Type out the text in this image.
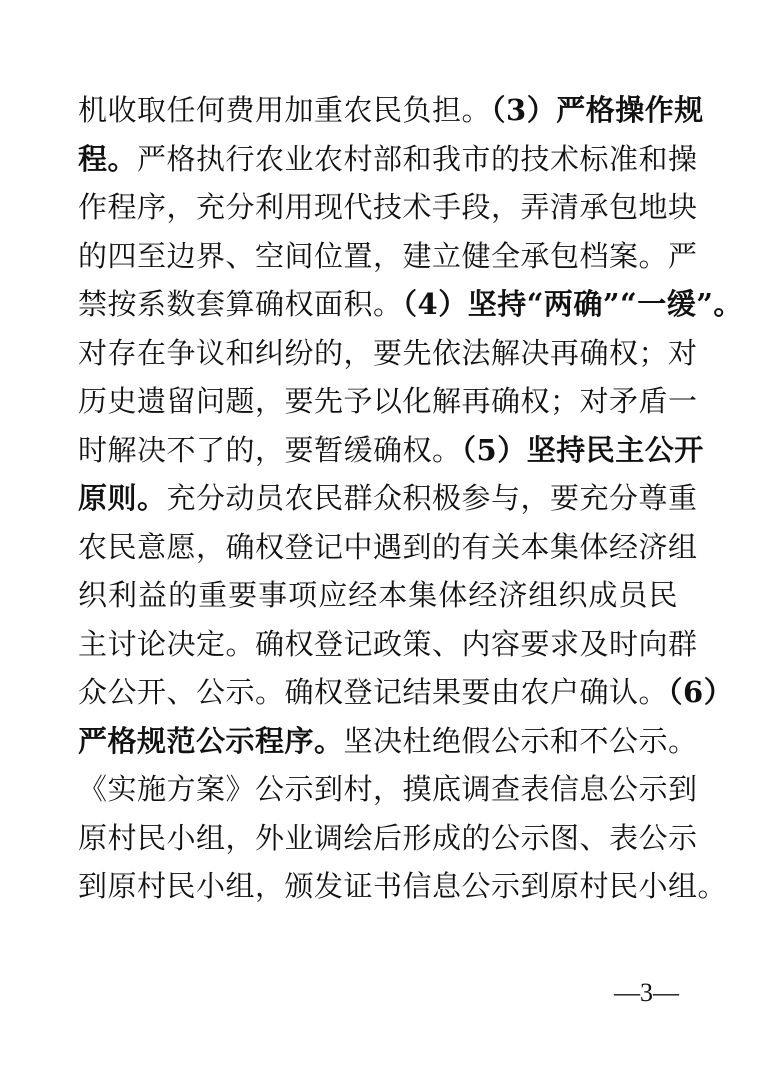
机收取任何费用加重农民负担。（3）严格操作规
程。严格执行农业农村部和我市的技术标准和操
作程序，充分利用现代技术手段，弄清承包地块
的四至边界、空间位置，建立健全承包档案。严
禁按系数套算确权面积。（4）坚持“两确”“一缓”。
对存在争议和纠纷的，要先依法解决再确权；对
历史遗留问题，要先予以化解再确权；对矛盾一
时解决不了的，要暂缓确权。（5）坚持民主公开
原则。充分动员农民群众积极参与，要充分尊重
农民意愿，确权登记中遇到的有关本集体经济组
织利益的重要事项应经本集体经济组织成员民
主讨论决定。确权登记政策、内容要求及时向群
众公开、公示。确权登记结果要由农户确认。（6）
严格规范公示程序。坚决杜绝假公示和不公示。
《实施方案》公示到村，摸底调查表信息公示到
原村民小组，外业调绘后形成的公示图、表公示
到原村民小组，颁发证书信息公示到原村民小组。
—3—
